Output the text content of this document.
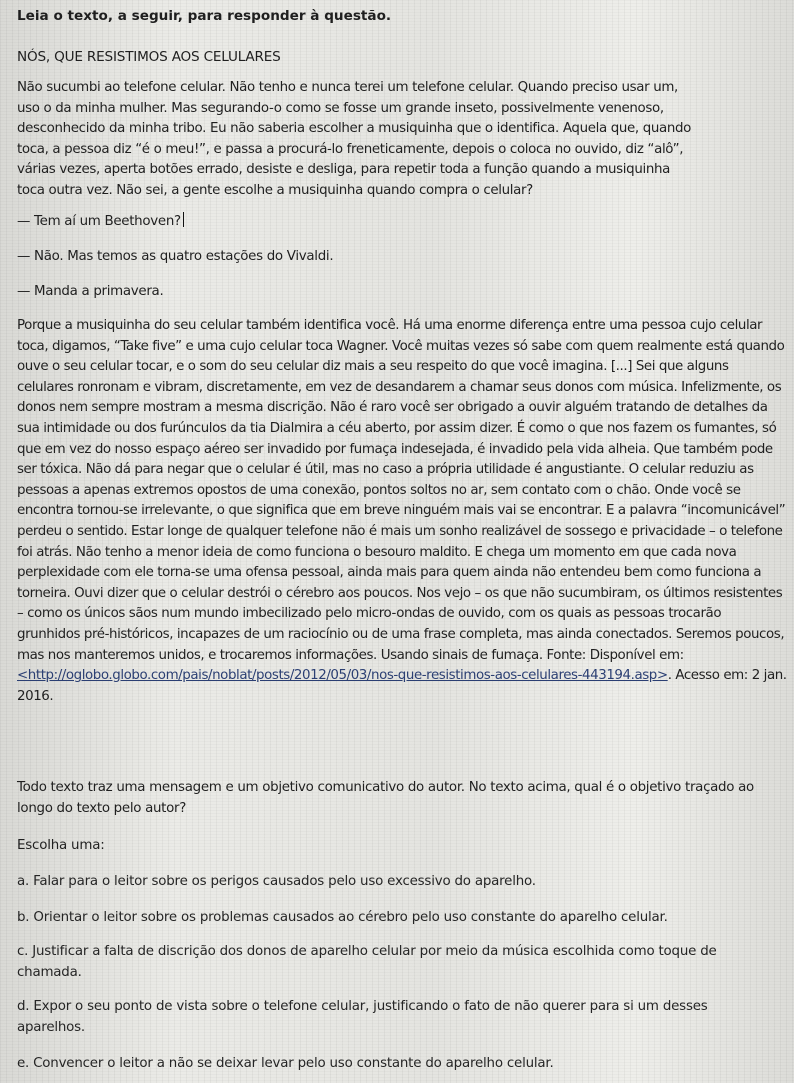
Leia o texto, a seguir, para responder à questão.

NÓS, QUE RESISTIMOS AOS CELULARES

Não sucumbi ao telefone celular. Não tenho e nunca terei um telefone celular. Quando preciso usar um, uso o da minha mulher. Mas segurando-o como se fosse um grande inseto, possivelmente venenoso, desconhecido da minha tribo. Eu não saberia escolher a musiquinha que o identifica. Aquela que, quando toca, a pessoa diz “é o meu!”, e passa a procurá-lo freneticamente, depois o coloca no ouvido, diz “alô”, várias vezes, aperta botões errado, desiste e desliga, para repetir toda a função quando a musiquinha toca outra vez. Não sei, a gente escolhe a musiquinha quando compra o celular?

— Tem aí um Beethoven?

— Não. Mas temos as quatro estações do Vivaldi.

— Manda a primavera.

Porque a musiquinha do seu celular também identifica você. Há uma enorme diferença entre uma pessoa cujo celular toca, digamos, “Take five” e uma cujo celular toca Wagner. Você muitas vezes só sabe com quem realmente está quando ouve o seu celular tocar, e o som do seu celular diz mais a seu respeito do que você imagina. [...] Sei que alguns celulares ronronam e vibram, discretamente, em vez de desandarem a chamar seus donos com música. Infelizmente, os donos nem sempre mostram a mesma discrição. Não é raro você ser obrigado a ouvir alguém tratando de detalhes da sua intimidade ou dos furúnculos da tia Dialmira a céu aberto, por assim dizer. É como o que nos fazem os fumantes, só que em vez do nosso espaço aéreo ser invadido por fumaça indesejada, é invadido pela vida alheia. Que também pode ser tóxica. Não dá para negar que o celular é útil, mas no caso a própria utilidade é angustiante. O celular reduziu as pessoas a apenas extremos opostos de uma conexão, pontos soltos no ar, sem contato com o chão. Onde você se encontra tornou-se irrelevante, o que significa que em breve ninguém mais vai se encontrar. E a palavra “incomunicável” perdeu o sentido. Estar longe de qualquer telefone não é mais um sonho realizável de sossego e privacidade – o telefone foi atrás. Não tenho a menor ideia de como funciona o besouro maldito. E chega um momento em que cada nova perplexidade com ele torna-se uma ofensa pessoal, ainda mais para quem ainda não entendeu bem como funciona a torneira. Ouvi dizer que o celular destrói o cérebro aos poucos. Nos vejo – os que não sucumbiram, os últimos resistentes – como os únicos sãos num mundo imbecilizado pelo micro-ondas de ouvido, com os quais as pessoas trocarão grunhidos pré-históricos, incapazes de um raciocínio ou de uma frase completa, mas ainda conectados. Seremos poucos, mas nos manteremos unidos, e trocaremos informações. Usando sinais de fumaça. Fonte: Disponível em: <http://oglobo.globo.com/pais/noblat/posts/2012/05/03/nos-que-resistimos-aos-celulares-443194.asp>. Acesso em: 2 jan. 2016.

Todo texto traz uma mensagem e um objetivo comunicativo do autor. No texto acima, qual é o objetivo traçado ao longo do texto pelo autor?

Escolha uma:

a. Falar para o leitor sobre os perigos causados pelo uso excessivo do aparelho.

b. Orientar o leitor sobre os problemas causados ao cérebro pelo uso constante do aparelho celular.

c. Justificar a falta de discrição dos donos de aparelho celular por meio da música escolhida como toque de chamada.

d. Expor o seu ponto de vista sobre o telefone celular, justificando o fato de não querer para si um desses aparelhos.

e. Convencer o leitor a não se deixar levar pelo uso constante do aparelho celular.
